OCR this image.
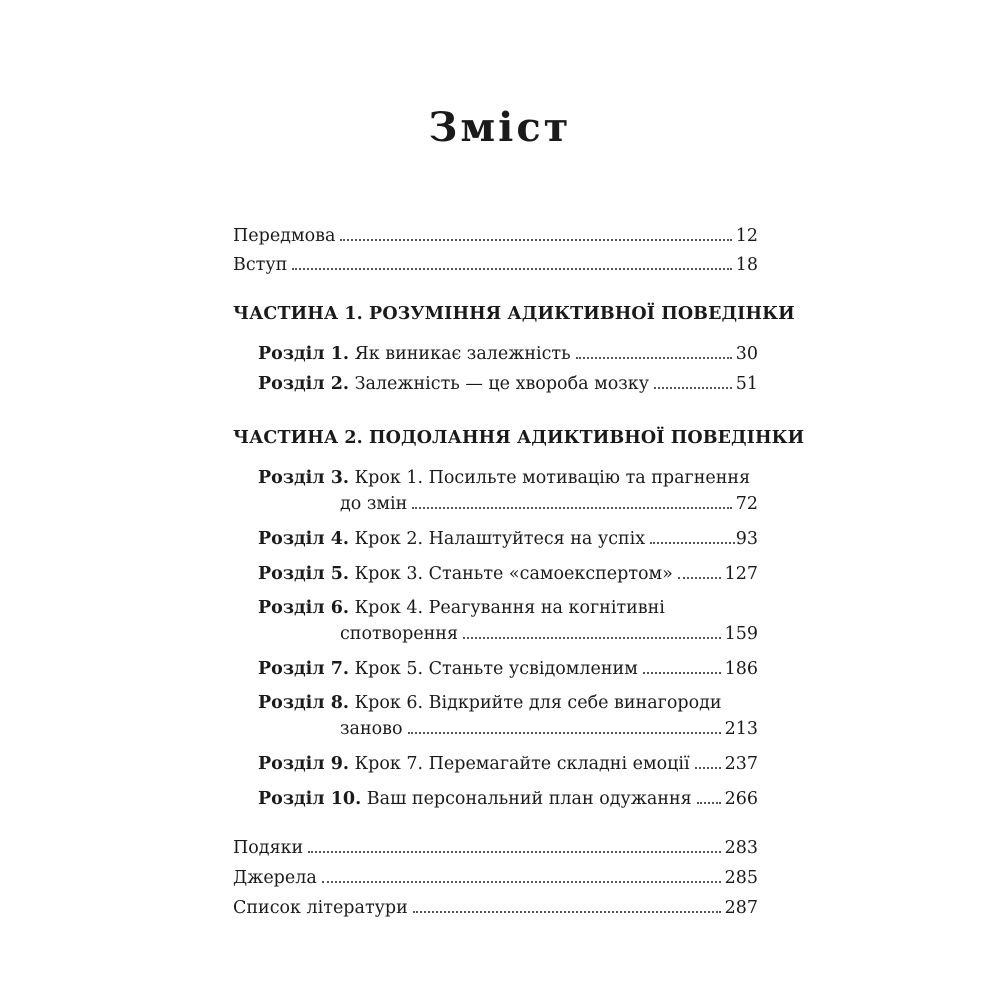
Зміст
Передмова	12
Вступ	18
ЧАСТИНА 1. РОЗУМІННЯ АДИКТИВНОЇ ПОВЕДІНКИ
Розділ 1. Як виникає залежність	30
Розділ 2. Залежність — це хвороба мозку	51
ЧАСТИНА 2. ПОДОЛАННЯ АДИКТИВНОЇ ПОВЕДІНКИ
Розділ 3. Крок 1. Посильте мотивацію та прагнення
до змін	72
Розділ 4. Крок 2. Налаштуйтеся на успіх	93
Розділ 5. Крок 3. Станьте «самоекспертом»	127
Розділ 6. Крок 4. Реагування на когнітивні
спотворення	159
Розділ 7. Крок 5. Станьте усвідомленим	186
Розділ 8. Крок 6. Відкрийте для себе винагороди
заново	213
Розділ 9. Крок 7. Перемагайте складні емоції 237
Розділ 10. Ваш персональний план одужання 266
Подяки	283
Джерела	285
Список літератури	287
